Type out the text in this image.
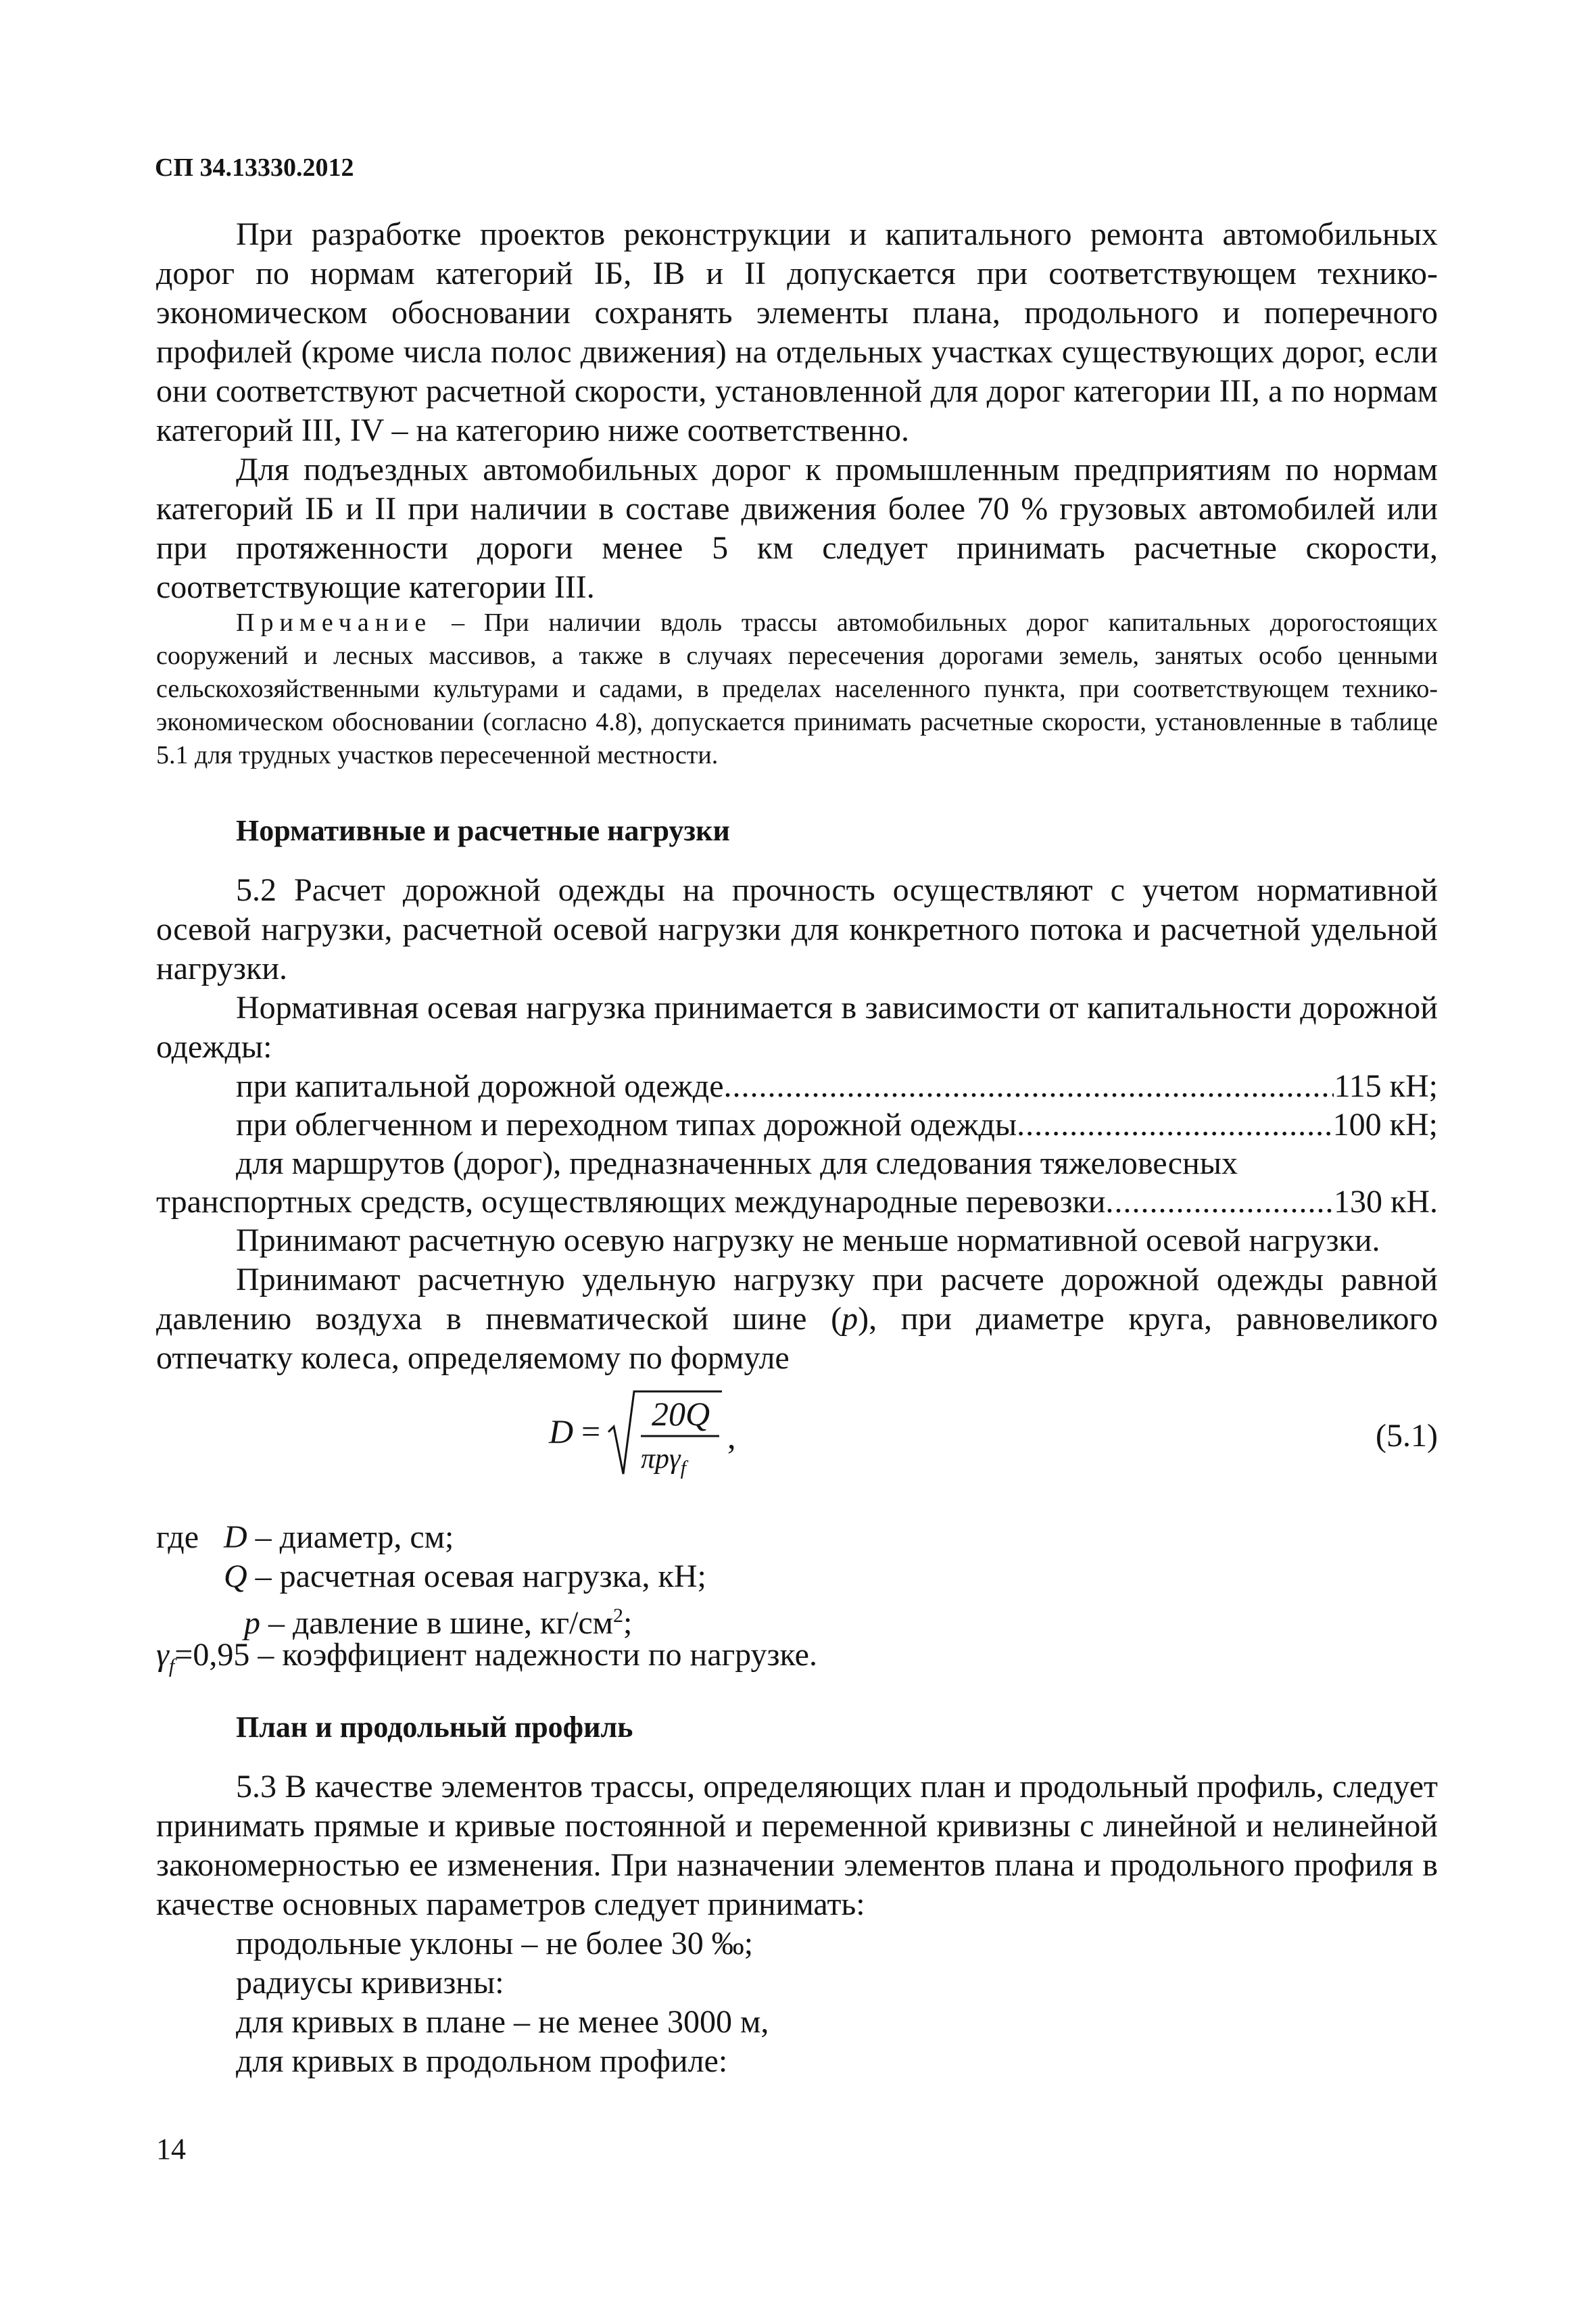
СП 34.13330.2012

При разработке проектов реконструкции и капитального ремонта автомобильных дорог по нормам категорий IБ, IВ и II допускается при соответствующем технико-экономическом обосновании сохранять элементы плана, продольного и поперечного профилей (кроме числа полос движения) на отдельных участках существующих дорог, если они соответствуют расчетной скорости, установленной для дорог категории III, а по нормам категорий III, IV – на категорию ниже соответственно.

Для подъездных автомобильных дорог к промышленным предприятиям по нормам категорий IБ и II при наличии в составе движения более 70 % грузовых автомобилей или при протяженности дороги менее 5 км следует принимать расчетные скорости, соответствующие категории III.

Примечание – При наличии вдоль трассы автомобильных дорог капитальных дорогостоящих сооружений и лесных массивов, а также в случаях пересечения дорогами земель, занятых особо ценными сельскохозяйственными культурами и садами, в пределах населенного пункта, при соответствующем технико-экономическом обосновании (согласно 4.8), допускается принимать расчетные скорости, установленные в таблице 5.1 для трудных участков пересеченной местности.

Нормативные и расчетные нагрузки

5.2 Расчет дорожной одежды на прочность осуществляют с учетом нормативной осевой нагрузки, расчетной осевой нагрузки для конкретного потока и расчетной удельной нагрузки.

Нормативная осевая нагрузка принимается в зависимости от капитальности дорожной одежды:

при капитальной дорожной одежде .....	115 кН;
при облегченном и переходном типах дорожной одежды .....	100 кН;
для маршрутов (дорог), предназначенных для следования тяжеловесных
транспортных средств, осуществляющих международные перевозки .....	130 кН.

Принимают расчетную осевую нагрузку не меньше нормативной осевой нагрузки.

Принимают расчетную удельную нагрузку при расчете дорожной одежды равной давлению воздуха в пневматической шине (p), при диаметре круга, равновеликого отпечатку колеса, определяемому по формуле

D = 20Q
πpγ$_f$
,	(5.1)
где D – диаметр, см;
Q – расчетная осевая нагрузка, кН;
p – давление в шине, $кг/см^2$;
$\gamma_f=0,95$ – коэффициент надежности по нагрузке.
План и продольный профиль

5.3 В качестве элементов трассы, определяющих план и продольный профиль, следует принимать прямые и кривые постоянной и переменной кривизны с линейной и нелинейной закономерностью ее изменения. При назначении элементов плана и продольного профиля в качестве основных параметров следует принимать:

продольные уклоны – не более 30 ‰;
радиусы кривизны:
для кривых в плане – не менее 3000 м,
для кривых в продольном профиле:
14
